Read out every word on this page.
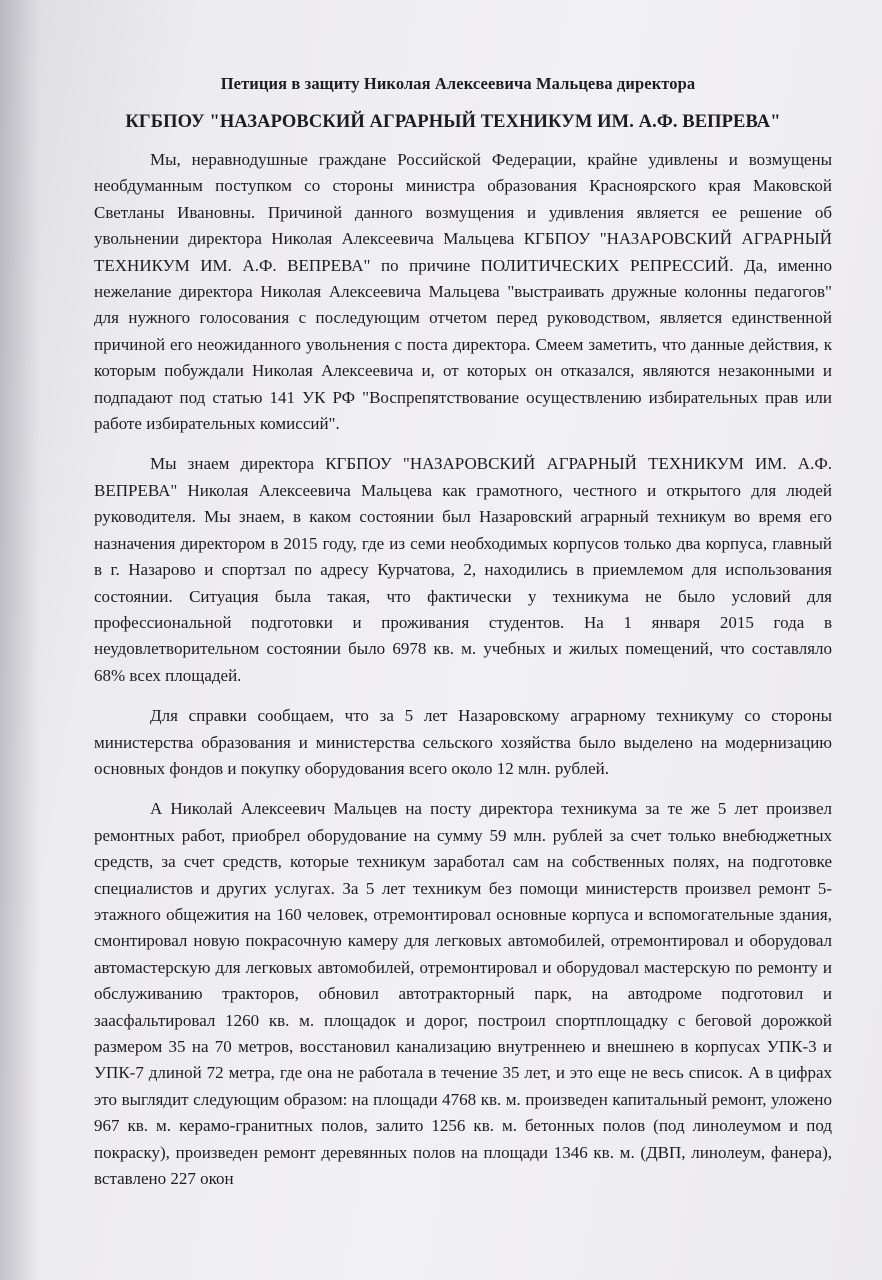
Петиция в защиту Николая Алексеевича Мальцева директора

КГБПОУ "НАЗАРОВСКИЙ АГРАРНЫЙ ТЕХНИКУМ ИМ. А.Ф. ВЕПРЕВА"

Мы, неравнодушные граждане Российской Федерации, крайне удивлены и возмущены необдуманным поступком со стороны министра образования Красноярского края Маковской Светланы Ивановны. Причиной данного возмущения и удивления является ее решение об увольнении директора Николая Алексеевича Мальцева КГБПОУ "НАЗАРОВСКИЙ АГРАРНЫЙ ТЕХНИКУМ ИМ. А.Ф. ВЕПРЕВА" по причине ПОЛИТИЧЕСКИХ РЕПРЕССИЙ. Да, именно нежелание директора Николая Алексеевича Мальцева "выстраивать дружные колонны педагогов" для нужного голосования с последующим отчетом перед руководством, является единственной причиной его неожиданного увольнения с поста директора. Смеем заметить, что данные действия, к которым побуждали Николая Алексеевича и, от которых он отказался, являются незаконными и подпадают под статью 141 УК РФ "Воспрепятствование осуществлению избирательных прав или работе избирательных комиссий".

Мы знаем директора КГБПОУ "НАЗАРОВСКИЙ АГРАРНЫЙ ТЕХНИКУМ ИМ. А.Ф. ВЕПРЕВА" Николая Алексеевича Мальцева как грамотного, честного и открытого для людей руководителя. Мы знаем, в каком состоянии был Назаровский аграрный техникум во время его назначения директором в 2015 году, где из семи необходимых корпусов только два корпуса, главный в г. Назарово и спортзал по адресу Курчатова, 2, находились в приемлемом для использования состоянии. Ситуация была такая, что фактически у техникума не было условий для профессиональной подготовки и проживания студентов. На 1 января 2015 года в неудовлетворительном состоянии было 6978 кв. м. учебных и жилых помещений, что составляло 68% всех площадей.

Для справки сообщаем, что за 5 лет Назаровскому аграрному техникуму со стороны министерства образования и министерства сельского хозяйства было выделено на модернизацию основных фондов и покупку оборудования всего около 12 млн. рублей.

А Николай Алексеевич Мальцев на посту директора техникума за те же 5 лет произвел ремонтных работ, приобрел оборудование на сумму 59 млн. рублей за счет только внебюджетных средств, за счет средств, которые техникум заработал сам на собственных полях, на подготовке специалистов и других услугах. За 5 лет техникум без помощи министерств произвел ремонт 5-этажного общежития на 160 человек, отремонтировал основные корпуса и вспомогательные здания, смонтировал новую покрасочную камеру для легковых автомобилей, отремонтировал и оборудовал автомастерскую для легковых автомобилей, отремонтировал и оборудовал мастерскую по ремонту и обслуживанию тракторов, обновил автотракторный парк, на автодроме подготовил и заасфальтировал 1260 кв. м. площадок и дорог, построил спортплощадку с беговой дорожкой размером 35 на 70 метров, восстановил канализацию внутреннею и внешнею в корпусах УПК-3 и УПК-7 длиной 72 метра, где она не работала в течение 35 лет, и это еще не весь список. А в цифрах это выглядит следующим образом: на площади 4768 кв. м. произведен капитальный ремонт, уложено 967 кв. м. керамо-гранитных полов, залито 1256 кв. м. бетонных полов (под линолеумом и под покраску), произведен ремонт деревянных полов на площади 1346 кв. м. (ДВП, линолеум, фанера), вставлено 227 окон
